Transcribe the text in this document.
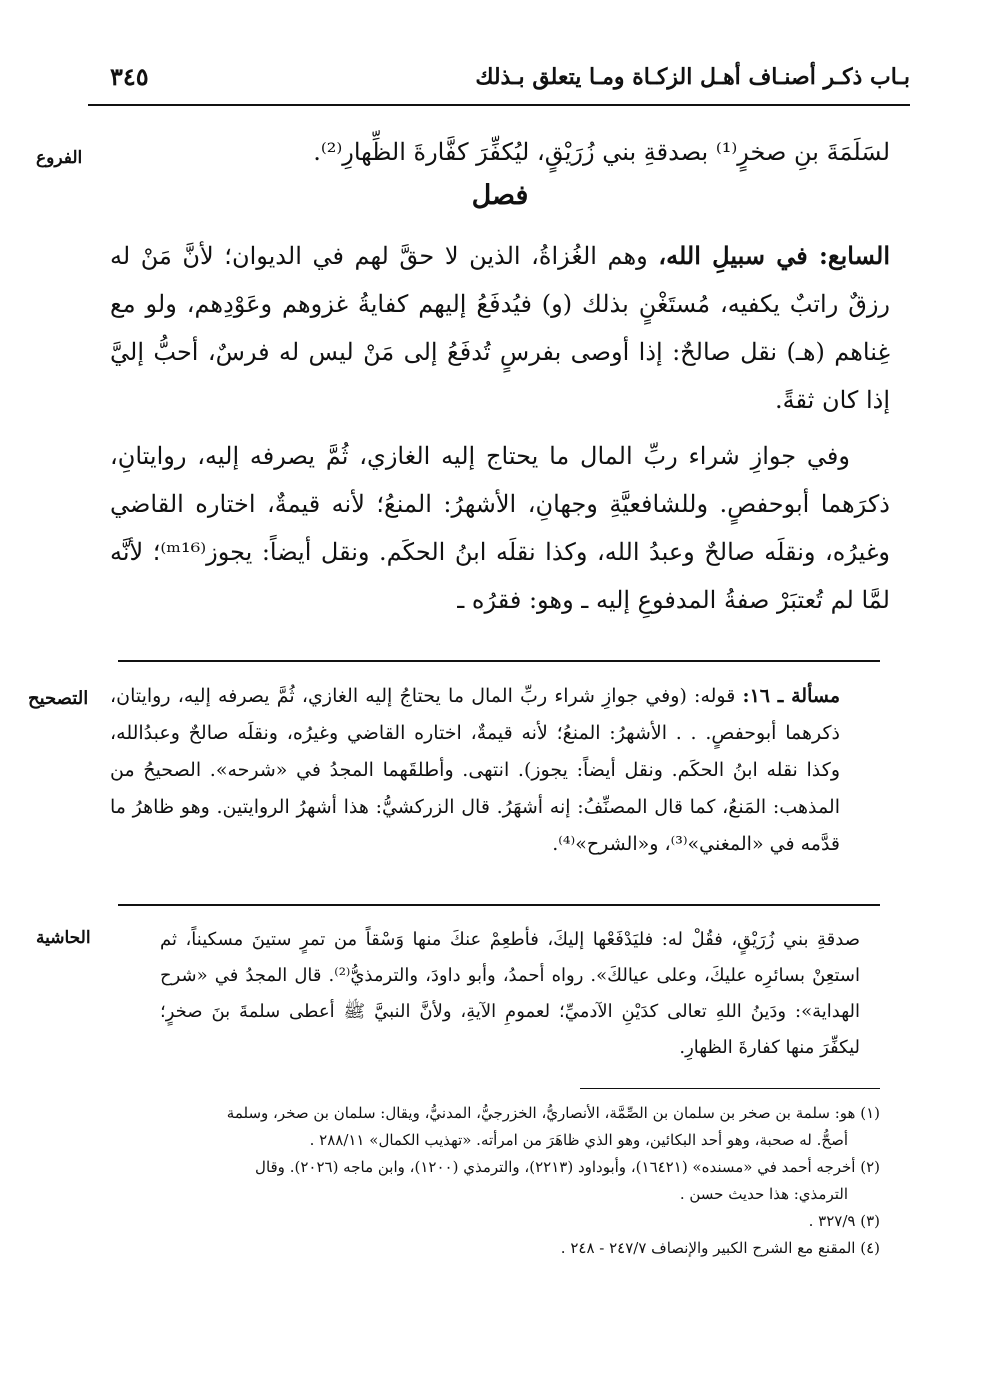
بـاب ذكـر أصنـاف أهـل الزكـاة ومـا يتعلق بـذلك
٣٤٥
الفروع
التصحيح
الحاشية

لسَلَمَةَ بنِ صخرٍ⁽¹⁾ بصدقةِ بني زُرَيْقٍ، ليُكفِّرَ كفَّارةَ الظِّهارِ⁽²⁾.

فصل

السابع: في سبيلِ الله، وهم الغُزاةُ، الذين لا حقَّ لهم في الديوان؛ لأنَّ مَنْ له رزقٌ راتبٌ يكفيه، مُستَغْنٍ بذلك (و) فيُدفَعُ إليهم كفايةُ غزوهم وعَوْدِهم، ولو مع غِناهم (هـ) نقل صالحٌ: إذا أوصى بفرسٍ تُدفَعُ إلى مَنْ ليس له فرسٌ، أحبُّ إليَّ إذا كان ثقةً.

وفي جوازِ شراء ربِّ المال ما يحتاج إليه الغازي، ثُمَّ يصرفه إليه، روايتانِ، ذكرَهما أبوحفصٍ. وللشافعيَّةِ وجهانِ، الأشهرُ: المنعُ؛ لأنه قيمةٌ، اختاره القاضي وغيرُه، ونقلَه صالحٌ وعبدُ الله، وكذا نقلَه ابنُ الحكَم. ونقل أيضاً: يجوز⁽ᵐ¹⁶⁾؛ لأنَّه لمَّا لم تُعتبَرْ صفةُ المدفوعِ إليه ـ وهو: فقرُه ـ

مسألة ـ ١٦: قوله: (وفي جوازِ شراء ربِّ المال ما يحتاجُ إليه الغازي، ثُمَّ يصرفه إليه، روايتان، ذكرهما أبوحفصٍ. . . الأشهرُ: المنعُ؛ لأنه قيمةٌ، اختاره القاضي وغيرُه، ونقلَه صالحٌ وعبدُالله، وكذا نقله ابنُ الحكَم. ونقل أيضاً: يجوز). انتهى. وأطلقَهما المجدُ في «شرحه». الصحيحُ من المذهب: المَنعُ، كما قال المصنِّفُ: إنه أشهَرُ. قال الزركشيُّ: هذا أشهرُ الروايتين. وهو ظاهرُ ما قدَّمه في «المغني»⁽³⁾، و«الشرح»⁽⁴⁾.

صدقةِ بني زُرَيْقٍ، فقُلْ له: فليَدْفَعْها إليكَ، فأطعِمْ عنكَ منها وَسْقاً من تمرٍ ستينَ مسكيناً، ثم استعِنْ بسائرِه عليكَ، وعلى عيالكَ». رواه أحمدُ، وأبو داودَ، والترمذيُّ⁽²⁾. قال المجدُ في «شرح الهداية»: ودَينُ اللهِ تعالى كدَيْنِ الآدميِّ؛ لعمومِ الآيةِ، ولأنَّ النبيَّ ﷺ أعطى سلمةَ بنَ صخرٍ؛ ليكفِّرَ منها كفارةَ الظهارِ.

(١) هو: سلمة بن صخر بن سلمان بن الصِّمَّة، الأنصاريُّ، الخزرجيُّ، المدنيُّ، ويقال: سلمان بن صخر، وسلمة

أصحُّ. له صحبة، وهو أحد البكائين، وهو الذي ظاهَرَ من امرأته. «تهذيب الكمال» ٢٨٨/١١ .

(٢) أخرجه أحمد في «مسنده» (١٦٤٢١)، وأبوداود (٢٢١٣)، والترمذي (١٢٠٠)، وابن ماجه (٢٠٢٦). وقال

الترمذي: هذا حديث حسن .

(٣) ٣٢٧/٩ .

(٤) المقنع مع الشرح الكبير والإنصاف ٢٤٧/٧ - ٢٤٨ .
